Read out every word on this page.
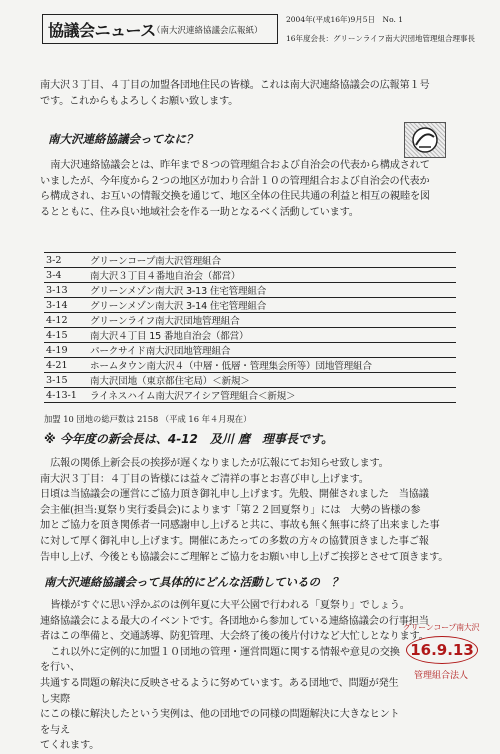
協議会ニュース
（南大沢連絡協議会広報紙）
2004年(平成16年)9月5日　No. 1
16年度会長：グリーンライフ南大沢団地管理組合理事長

南大沢３丁目、４丁目の加盟各団地住民の皆様。これは南大沢連絡協議会の広報第１号

です。これからもよろしくお願い致します。

南大沢連絡協議会ってなに？

南大沢連絡協議会とは、昨年まで８つの管理組合および自治会の代表から構成されて

いましたが、今年度から２つの地区が加わり合計１０の管理組合および自治会の代表か

ら構成され、お互いの情報交換を通じて、地区全体の住民共通の利益と相互の親睦を図

るとともに、住み良い地域社会を作る一助となるべく活動しています。

3-2	グリーンコープ南大沢管理組合
3-4	南大沢３丁目４番地自治会（都営）
3-13	グリーンメゾン南大沢 3-13 住宅管理組合
3-14	グリーンメゾン南大沢 3-14 住宅管理組合
4-12	グリーンライフ南大沢団地管理組合
4-15	南大沢４丁目 15 番地自治会（都営）
4-19	パークサイド南大沢団地管理組合
4-21	ホームタウン南大沢４（中層・低層・管理集会所等）団地管理組合
3-15	南大沢団地（東京都住宅局）＜新規＞
4-13-1	ライネスハイム南大沢アイシア管理組合＜新規＞
加盟 10 団地の総戸数は 2158 （平成 16 年４月現在）
※ 今年度の新会長は、4-12　及川 麿　理事長です。

広報の関係上新会長の挨拶が遅くなりましたが広報にてお知らせ致します。

南大沢３丁目：４丁目の皆様には益々ご清祥の事とお喜び申し上げます。

日頃は当協議会の運営にご協力頂き御礼申し上げます。先般、開催されました　当協議

会主催(担当:夏祭り実行委員会)によります「第２２回夏祭り」には　大勢の皆様の参

加とご協力を頂き関係者一同感謝申し上げると共に、事故も無く無事に終了出来ました事

に対して厚く御礼申し上げます。開催にあたっての多数の方々の協賛頂きました事ご報

告申し上げ、今後とも協議会にご理解とご協力をお願い申し上げご挨拶とさせて頂きます。

南大沢連絡協議会って具体的にどんな活動しているの　？

皆様がすぐに思い浮かぶのは例年夏に大平公園で行われる「夏祭り」でしょう。

連絡協議会による最大のイベントです。各団地から参加している連絡協議会の行事担当

者はこの準備と、交通誘導、防犯管理、大会終了後の後片付けなど大忙しとなります。

これ以外に定例的に加盟１０団地の管理・運営問題に関する情報や意見の交換を行い、

共通する問題の解決に反映させるように努めています。ある団地で、問題が発生し実際

にこの様に解決したという実例は、他の団地での同様の問題解決に大きなヒントを与え

てくれます。

グリーンコープ南大沢
16.9.13
管理組合法人
